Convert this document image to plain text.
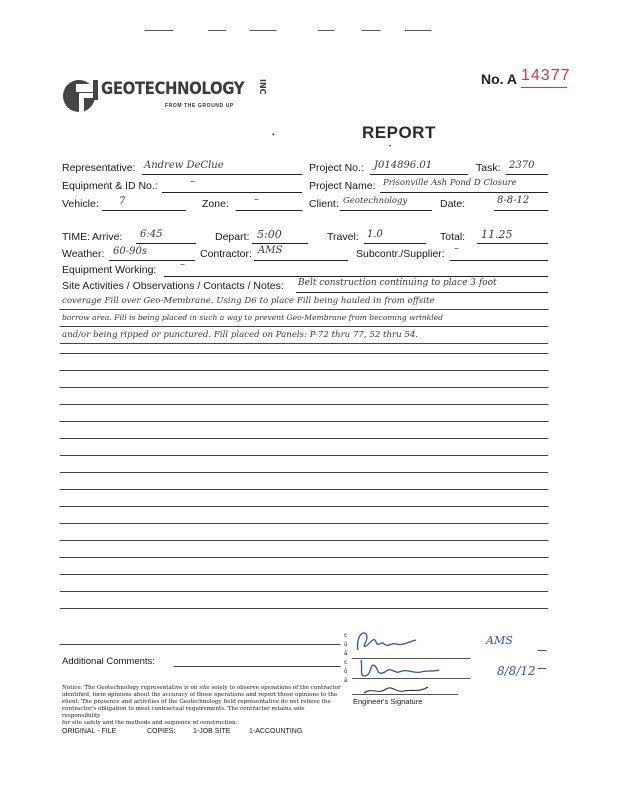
GEOTECHNOLOGY INC
FROM THE GROUND UP
No. A 14377
•
•
REPORT
Representative: Andrew DeClue	Project No.: J014896.01	Task: 2370
Equipment & ID No.:	–	Project Name: Prisonville Ash Pond D Closure
Vehicle: 7	Zone:	–	Client: Geotechnology	Date:	8-8-12
TIME: Arrive: 6:45	Depart: 5:00	Travel: 1.0	Total: 11.25
Weather: 60-90s	Contractor: AMS	Subcontr./Supplier: –
Equipment Working: –
Site Activities / Observations / Contacts / Notes: Belt construction continuing to place 3 foot
coverage Fill over Geo-Membrane. Using D6 to place Fill being hauled in from offsite
borrow area. Fill is being placed in such a way to prevent Geo-Membrane from becoming wrinkled
and/or being ripped or punctured. Fill placed on Panels: P-72 thru 77, 52 thru 54.
Additional Comments:
c
ō
ā
c
ō
ā
AMS
8/8/12
Engineer's Signature
Notice: The Geotechnology representative is on site solely to observe operations of the contractor
identified, form opinions about the accuracy of those operations and report those opinions to the
client. The presence and activities of the Geotechnology field representative do not relieve the
contractor's obligation to meet contractual requirements. The contractor retains sole responsibility
for site safety and the methods and sequence of construction.
ORIGINAL - FILE	COPIES:	1-JOB SITE	1-ACCOUNTING
